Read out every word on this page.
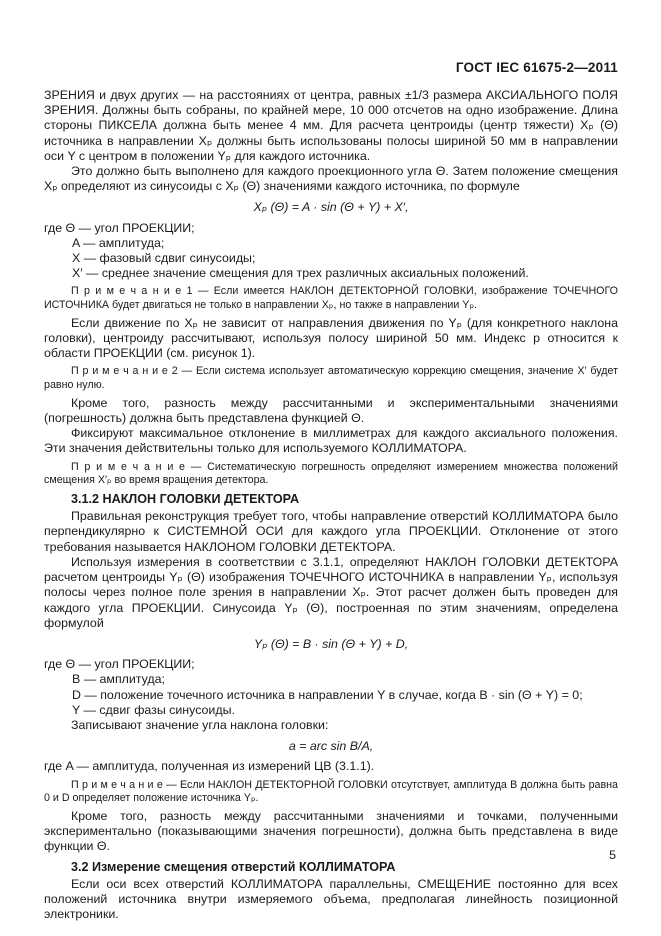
ГОСТ IEC 61675-2—2011

ЗРЕНИЯ и двух других — на расстояниях от центра, равных ±1/3 размера АКСИАЛЬНОГО ПОЛЯ ЗРЕНИЯ. Должны быть собраны, по крайней мере, 10 000 отсчетов на одно изображение. Длина стороны ПИКСЕЛА должна быть менее 4 мм. Для расчета центроиды (центр тяжести) Xₚ (Θ) источника в направлении Xₚ должны быть использованы полосы шириной 50 мм в направлении оси Y с центром в положении Yₚ для каждого источника.

Это должно быть выполнено для каждого проекционного угла Θ. Затем положение смещения Xₚ определяют из синусоиды с Xₚ (Θ) значениями каждого источника, по формуле

Xₚ (Θ) = A · sin (Θ + Y) + X′,
где Θ — угол ПРОЕКЦИИ;
A — амплитуда;
X — фазовый сдвиг синусоиды;
X′ — среднее значение смещения для трех различных аксиальных положений.

П р и м е ч а н и е 1 — Если имеется НАКЛОН ДЕТЕКТОРНОЙ ГОЛОВКИ, изображение ТОЧЕЧНОГО ИСТОЧНИКА будет двигаться не только в направлении Xₚ, но также в направлении Yₚ.

Если движение по Xₚ не зависит от направления движения по Yₚ (для конкретного наклона головки), центроиду рассчитывают, используя полосу шириной 50 мм. Индекс p относится к области ПРОЕКЦИИ (см. рисунок 1).

П р и м е ч а н и е 2 — Если система использует автоматическую коррекцию смещения, значение X′ будет равно нулю.

Кроме того, разность между рассчитанными и экспериментальными значениями (погрешность) должна быть представлена функцией Θ.

Фиксируют максимальное отклонение в миллиметрах для каждого аксиального положения. Эти значения действительны только для используемого КОЛЛИМАТОРА.

П р и м е ч а н и е — Систематическую погрешность определяют измерением множества положений смещения X′ₚ во время вращения детектора.

3.1.2 НАКЛОН ГОЛОВКИ ДЕТЕКТОРА

Правильная реконструкция требует того, чтобы направление отверстий КОЛЛИМАТОРА было перпендикулярно к СИСТЕМНОЙ ОСИ для каждого угла ПРОЕКЦИИ. Отклонение от этого требования называется НАКЛОНОМ ГОЛОВКИ ДЕТЕКТОРА.

Используя измерения в соответствии с 3.1.1, определяют НАКЛОН ГОЛОВКИ ДЕТЕКТОРА расчетом центроиды Yₚ (Θ) изображения ТОЧЕЧНОГО ИСТОЧНИКА в направлении Yₚ, используя полосы через полное поле зрения в направлении Xₚ. Этот расчет должен быть проведен для каждого угла ПРОЕКЦИИ. Синусоида Yₚ (Θ), построенная по этим значениям, определена формулой

Yₚ (Θ) = B · sin (Θ + Y) + D,
где Θ — угол ПРОЕКЦИИ;
B — амплитуда;
D — положение точечного источника в направлении Y в случае, когда B · sin (Θ + Y) = 0;
Y — сдвиг фазы синусоиды.

Записывают значение угла наклона головки:

a = arc sin B/A,

где A — амплитуда, полученная из измерений ЦВ (3.1.1).

П р и м е ч а н и е — Если НАКЛОН ДЕТЕКТОРНОЙ ГОЛОВКИ отсутствует, амплитуда B должна быть равна 0 и D определяет положение источника Yₚ.

Кроме того, разность между рассчитанными значениями и точками, полученными экспериментально (показывающими значения погрешности), должна быть представлена в виде функции Θ.

3.2 Измерение смещения отверстий КОЛЛИМАТОРА

Если оси всех отверстий КОЛЛИМАТОРА параллельны, СМЕЩЕНИЕ постоянно для всех положений источника внутри измеряемого объема, предполагая линейность позиционной электроники.

5
